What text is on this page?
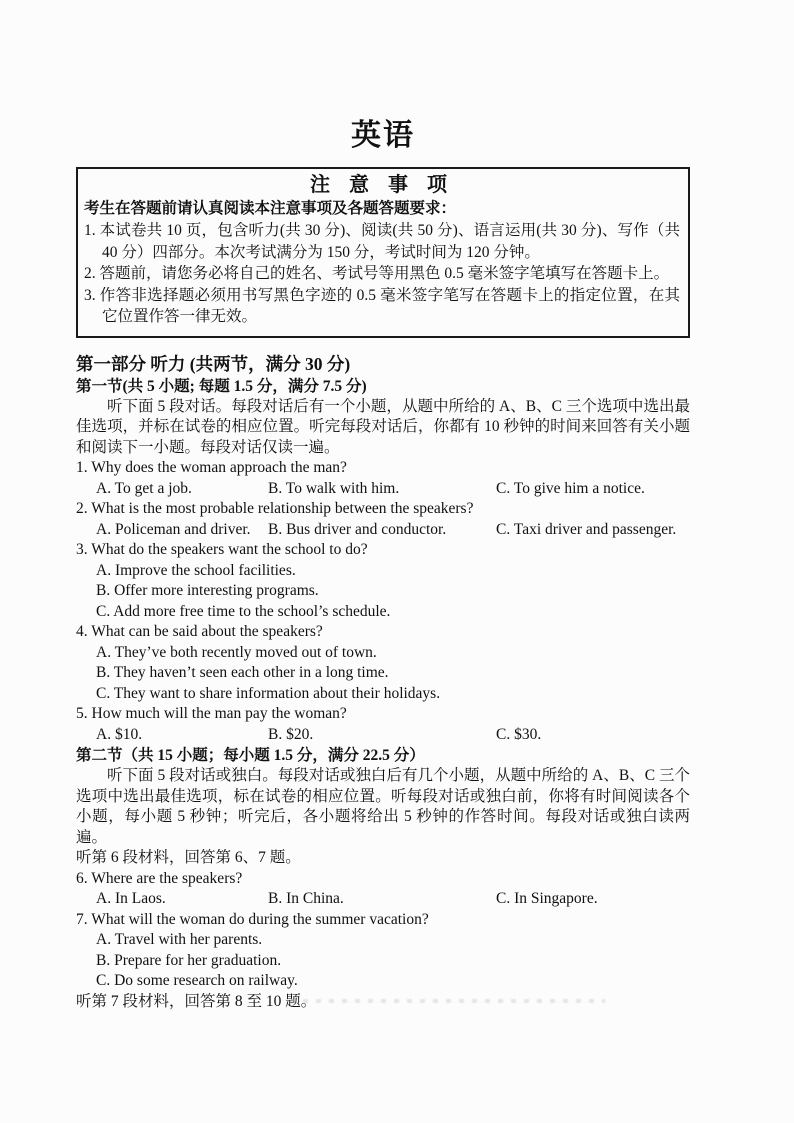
英语
注 意 事 项
考生在答题前请认真阅读本注意事项及各题答题要求：
1. 本试卷共 10 页，包含听力(共 30 分)、阅读(共 50 分)、语言运用(共 30 分)、写作（共 40 分）四部分。本次考试满分为 150 分，考试时间为 120 分钟。
2. 答题前，请您务必将自己的姓名、考试号等用黑色 0.5 毫米签字笔填写在答题卡上。
3. 作答非选择题必须用书写黑色字迹的 0.5 毫米签字笔写在答题卡上的指定位置，在其它位置作答一律无效。
第一部分 听力 (共两节，满分 30 分)
第一节(共 5 小题; 每题 1.5 分，满分 7.5 分)
听下面 5 段对话。每段对话后有一个小题，从题中所给的 A、B、C 三个选项中选出最佳选项，并标在试卷的相应位置。听完每段对话后，你都有 10 秒钟的时间来回答有关小题和阅读下一小题。每段对话仅读一遍。
1. Why does the woman approach the man?
A. To get a job.	B. To walk with him.	C. To give him a notice.
2. What is the most probable relationship between the speakers?
A. Policeman and driver.	B. Bus driver and conductor.	C. Taxi driver and passenger.
3. What do the speakers want the school to do?
A. Improve the school facilities.
B. Offer more interesting programs.
C. Add more free time to the school’s schedule.
4. What can be said about the speakers?
A. They’ve both recently moved out of town.
B. They haven’t seen each other in a long time.
C. They want to share information about their holidays.
5. How much will the man pay the woman?
A. $10.	B. $20.	C. $30.
第二节（共 15 小题；每小题 1.5 分，满分 22.5 分）
听下面 5 段对话或独白。每段对话或独白后有几个小题，从题中所给的 A、B、C 三个选项中选出最佳选项，标在试卷的相应位置。听每段对话或独白前，你将有时间阅读各个小题，每小题 5 秒钟；听完后，各小题将给出 5 秒钟的作答时间。每段对话或独白读两遍。
听第 6 段材料，回答第 6、7 题。
6. Where are the speakers?
A. In Laos.	B. In China.	C. In Singapore.
7. What will the woman do during the summer vacation?
A. Travel with her parents.
B. Prepare for her graduation.
C. Do some research on railway.
听第 7 段材料，回答第 8 至 10 题。
